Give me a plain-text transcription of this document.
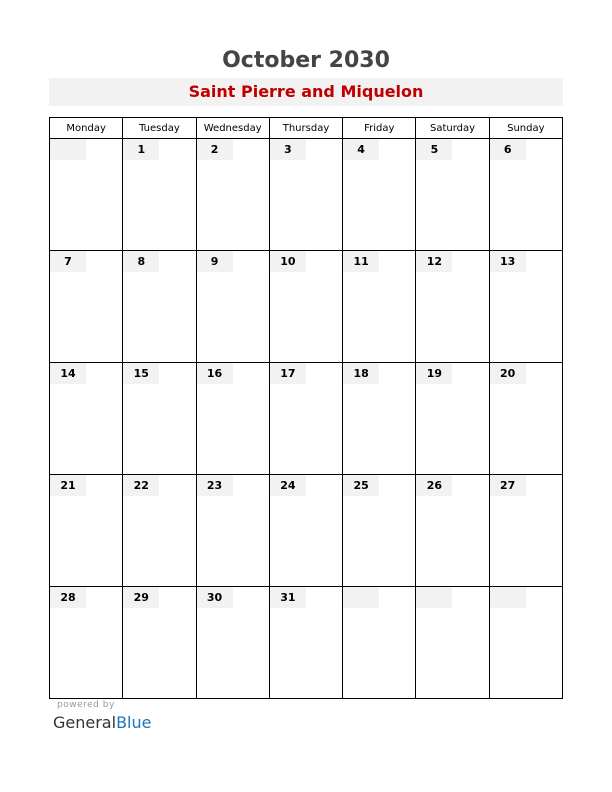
October 2030
Saint Pierre and Miquelon
Monday	Tuesday	Wednesday	Thursday	Friday	Saturday	Sunday

	1	2	3	4	5	6

7	8	9	10	11	12	13

14	15	16	17	18	19	20

21	22	23	24	25	26	27

28	29	30	31			

powered by
GeneralBlue
